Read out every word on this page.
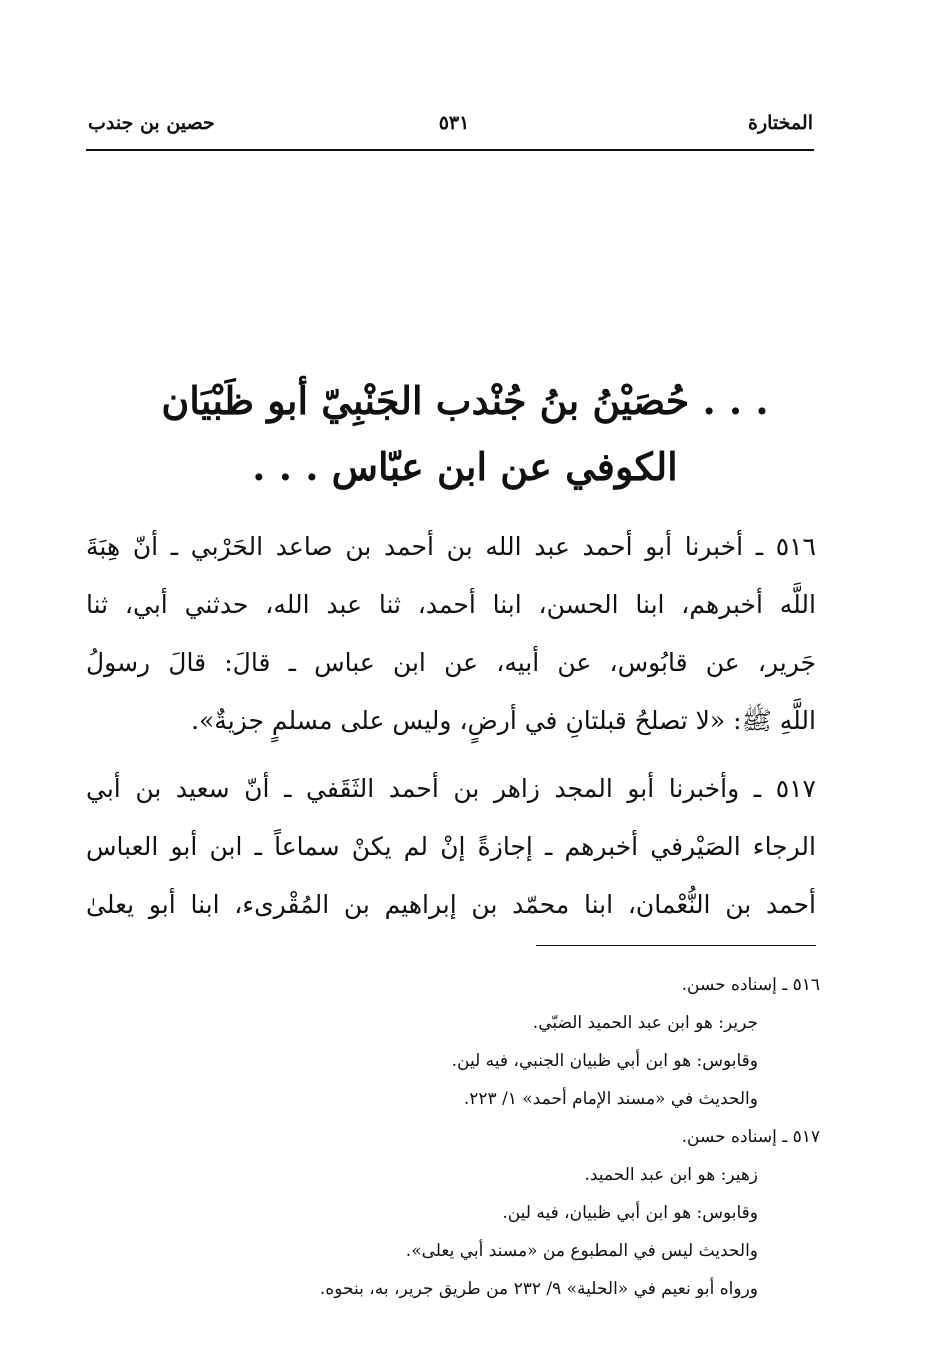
المختارة
٥٣١
حصين بن جندب
. . . حُصَيْنُ بنُ جُنْدب الجَنْبِيّ أبو ظَبْيَان
الكوفي عن ابن عبّاس . . .
٥١٦ ـ أخبرنا أبو أحمد عبد الله بن أحمد بن صاعد الحَرْبي ـ أنّ هِبَةَ
اللَّه أخبرهم، ابنا الحسن، ابنا أحمد، ثنا عبد الله، حدثني أبي، ثنا
جَرير، عن قابُوس، عن أبيه، عن ابن عباس ـ قالَ: قالَ رسولُ
اللَّهِ ﷺ: «لا تصلحُ قبلتانِ في أرضٍ، وليس على مسلمٍ جزيةٌ».
٥١٧ ـ وأخبرنا أبو المجد زاهر بن أحمد الثَقَفي ـ أنّ سعيد بن أبي
الرجاء الصَيْرفي أخبرهم ـ إجازةً إنْ لم يكنْ سماعاً ـ ابن أبو العباس
أحمد بن النُّعْمان، ابنا محمّد بن إبراهيم بن المُقْرىء، ابنا أبو يعلىٰ
٥١٦ ـ إسناده حسن.
جرير: هو ابن عبد الحميد الضبّي.
وقابوس: هو ابن أبي ظبيان الجنبي، فيه لين.
والحديث في «مسند الإمام أحمد» ١/ ٢٢٣.
٥١٧ ـ إسناده حسن.
زهير: هو ابن عبد الحميد.
وقابوس: هو ابن أبي ظبيان، فيه لين.
والحديث ليس في المطبوع من «مسند أبي يعلى».
ورواه أبو نعيم في «الحلية» ٩/ ٢٣٢ من طريق جرير، به، بنحوه.
